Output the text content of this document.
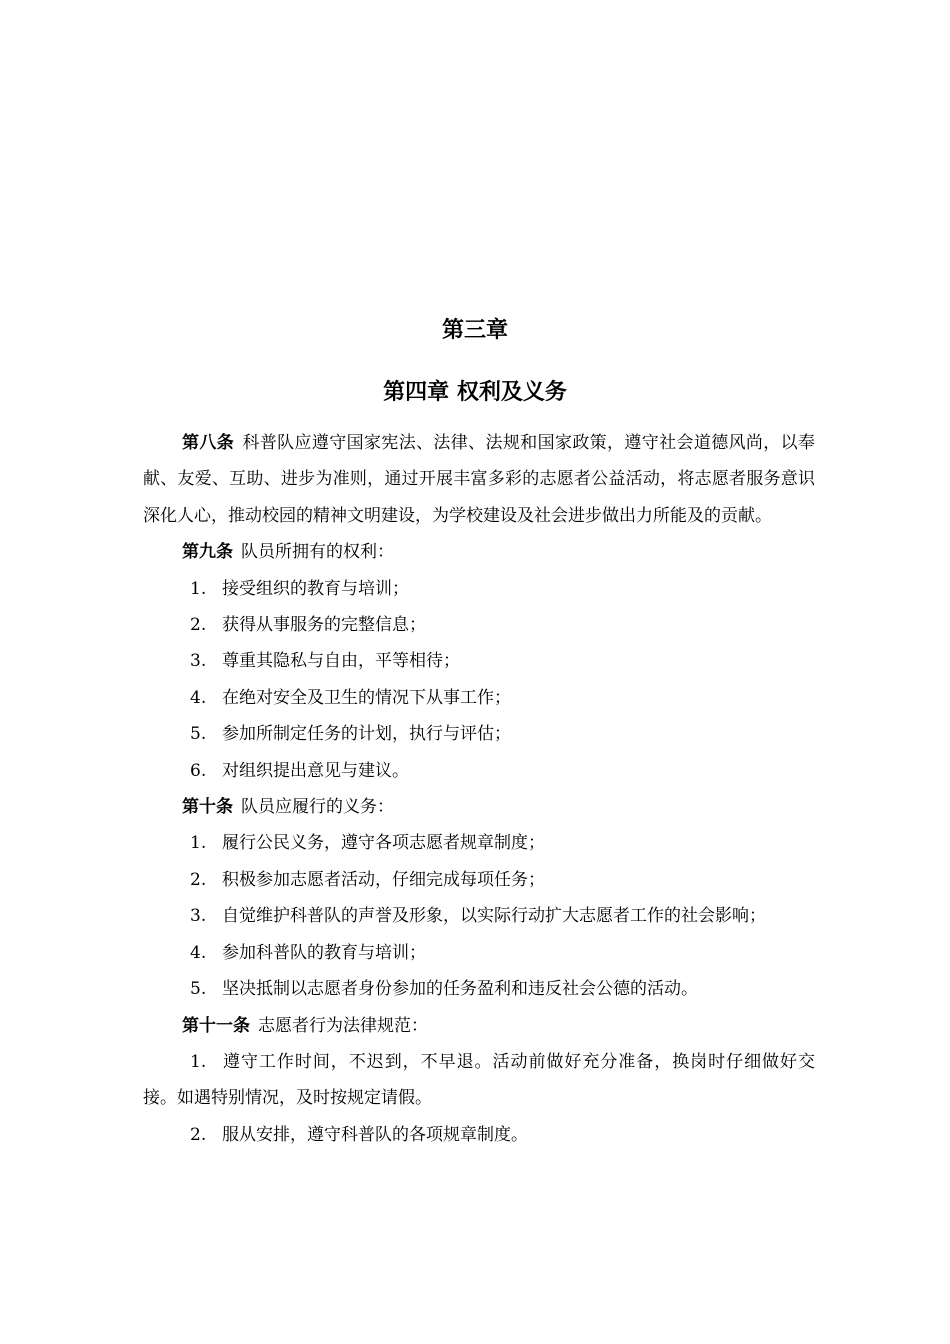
第三章
第四章 权利及义务

第八条 科普队应遵守国家宪法、法律、法规和国家政策，遵守社会道德风尚，以奉献、友爱、互助、进步为准则，通过开展丰富多彩的志愿者公益活动，将志愿者服务意识深化人心，推动校园的精神文明建设，为学校建设及社会进步做出力所能及的贡献。

第九条 队员所拥有的权利：

1. 接受组织的教育与培训；

2. 获得从事服务的完整信息；

3. 尊重其隐私与自由，平等相待；

4. 在绝对安全及卫生的情况下从事工作；

5. 参加所制定任务的计划，执行与评估；

6. 对组织提出意见与建议。

第十条 队员应履行的义务：

1. 履行公民义务，遵守各项志愿者规章制度；

2. 积极参加志愿者活动，仔细完成每项任务；

3. 自觉维护科普队的声誉及形象，以实际行动扩大志愿者工作的社会影响；

4. 参加科普队的教育与培训；

5. 坚决抵制以志愿者身份参加的任务盈利和违反社会公德的活动。

第十一条 志愿者行为法律规范：

1. 遵守工作时间，不迟到，不早退。活动前做好充分准备，换岗时仔细做好交接。如遇特别情况，及时按规定请假。

2. 服从安排，遵守科普队的各项规章制度。
